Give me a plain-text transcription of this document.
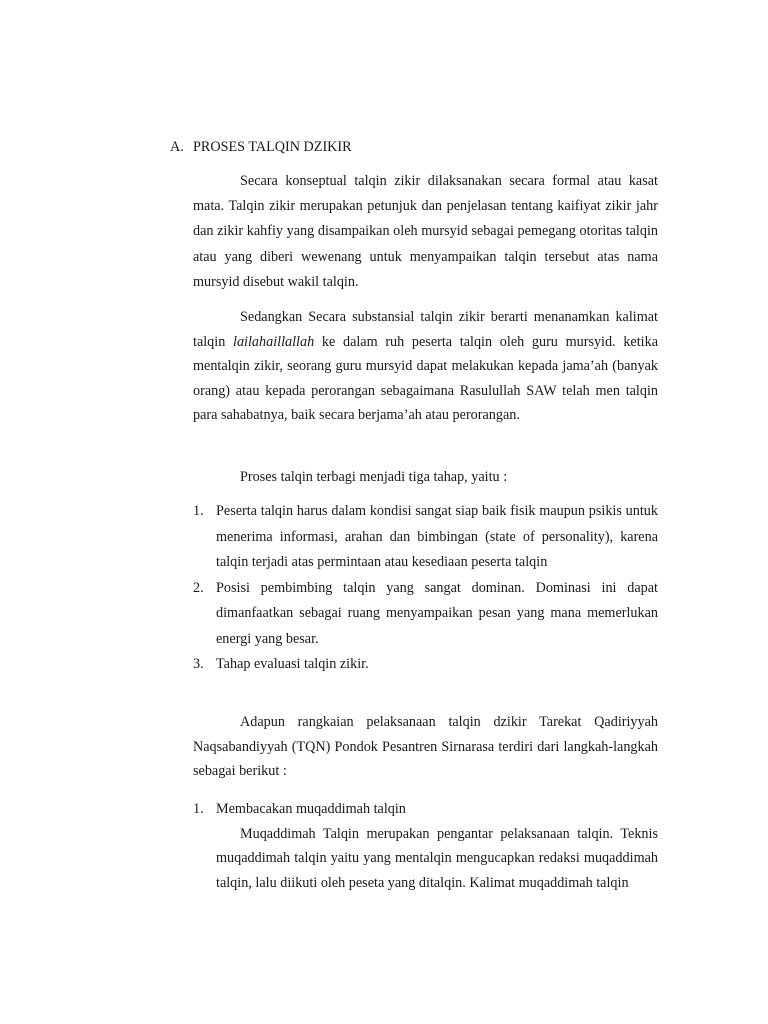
A. PROSES TALQIN DZIKIR

Secara konseptual talqin zikir dilaksanakan secara formal atau kasat mata. Talqin zikir merupakan petunjuk dan penjelasan tentang kaifiyat zikir jahr dan zikir kahfiy yang disampaikan oleh mursyid sebagai pemegang otoritas talqin atau yang diberi wewenang untuk menyampaikan talqin tersebut atas nama mursyid disebut wakil talqin.

Sedangkan Secara substansial talqin zikir berarti menanamkan kalimat talqin lailahaillallah ke dalam ruh peserta talqin oleh guru mursyid. ketika mentalqin zikir, seorang guru mursyid dapat melakukan kepada jama’ah (banyak orang) atau kepada perorangan sebagaimana Rasulullah SAW telah men talqin para sahabatnya, baik secara berjama’ah atau perorangan.

Proses talqin terbagi menjadi tiga tahap, yaitu :

1. Peserta talqin harus dalam kondisi sangat siap baik fisik maupun psikis untuk menerima informasi, arahan dan bimbingan (state of personality), karena talqin terjadi atas permintaan atau kesediaan peserta talqin
2. Posisi pembimbing talqin yang sangat dominan. Dominasi ini dapat dimanfaatkan sebagai ruang menyampaikan pesan yang mana memerlukan energi yang besar.
3. Tahap evaluasi talqin zikir.

Adapun rangkaian pelaksanaan talqin dzikir Tarekat Qadiriyyah Naqsabandiyyah (TQN) Pondok Pesantren Sirnarasa terdiri dari langkah-langkah sebagai berikut :

1. Membacakan muqaddimah talqin
Muqaddimah Talqin merupakan pengantar pelaksanaan talqin. Teknis muqaddimah talqin yaitu yang mentalqin mengucapkan redaksi muqaddimah talqin, lalu diikuti oleh peseta yang ditalqin. Kalimat muqaddimah talqin
